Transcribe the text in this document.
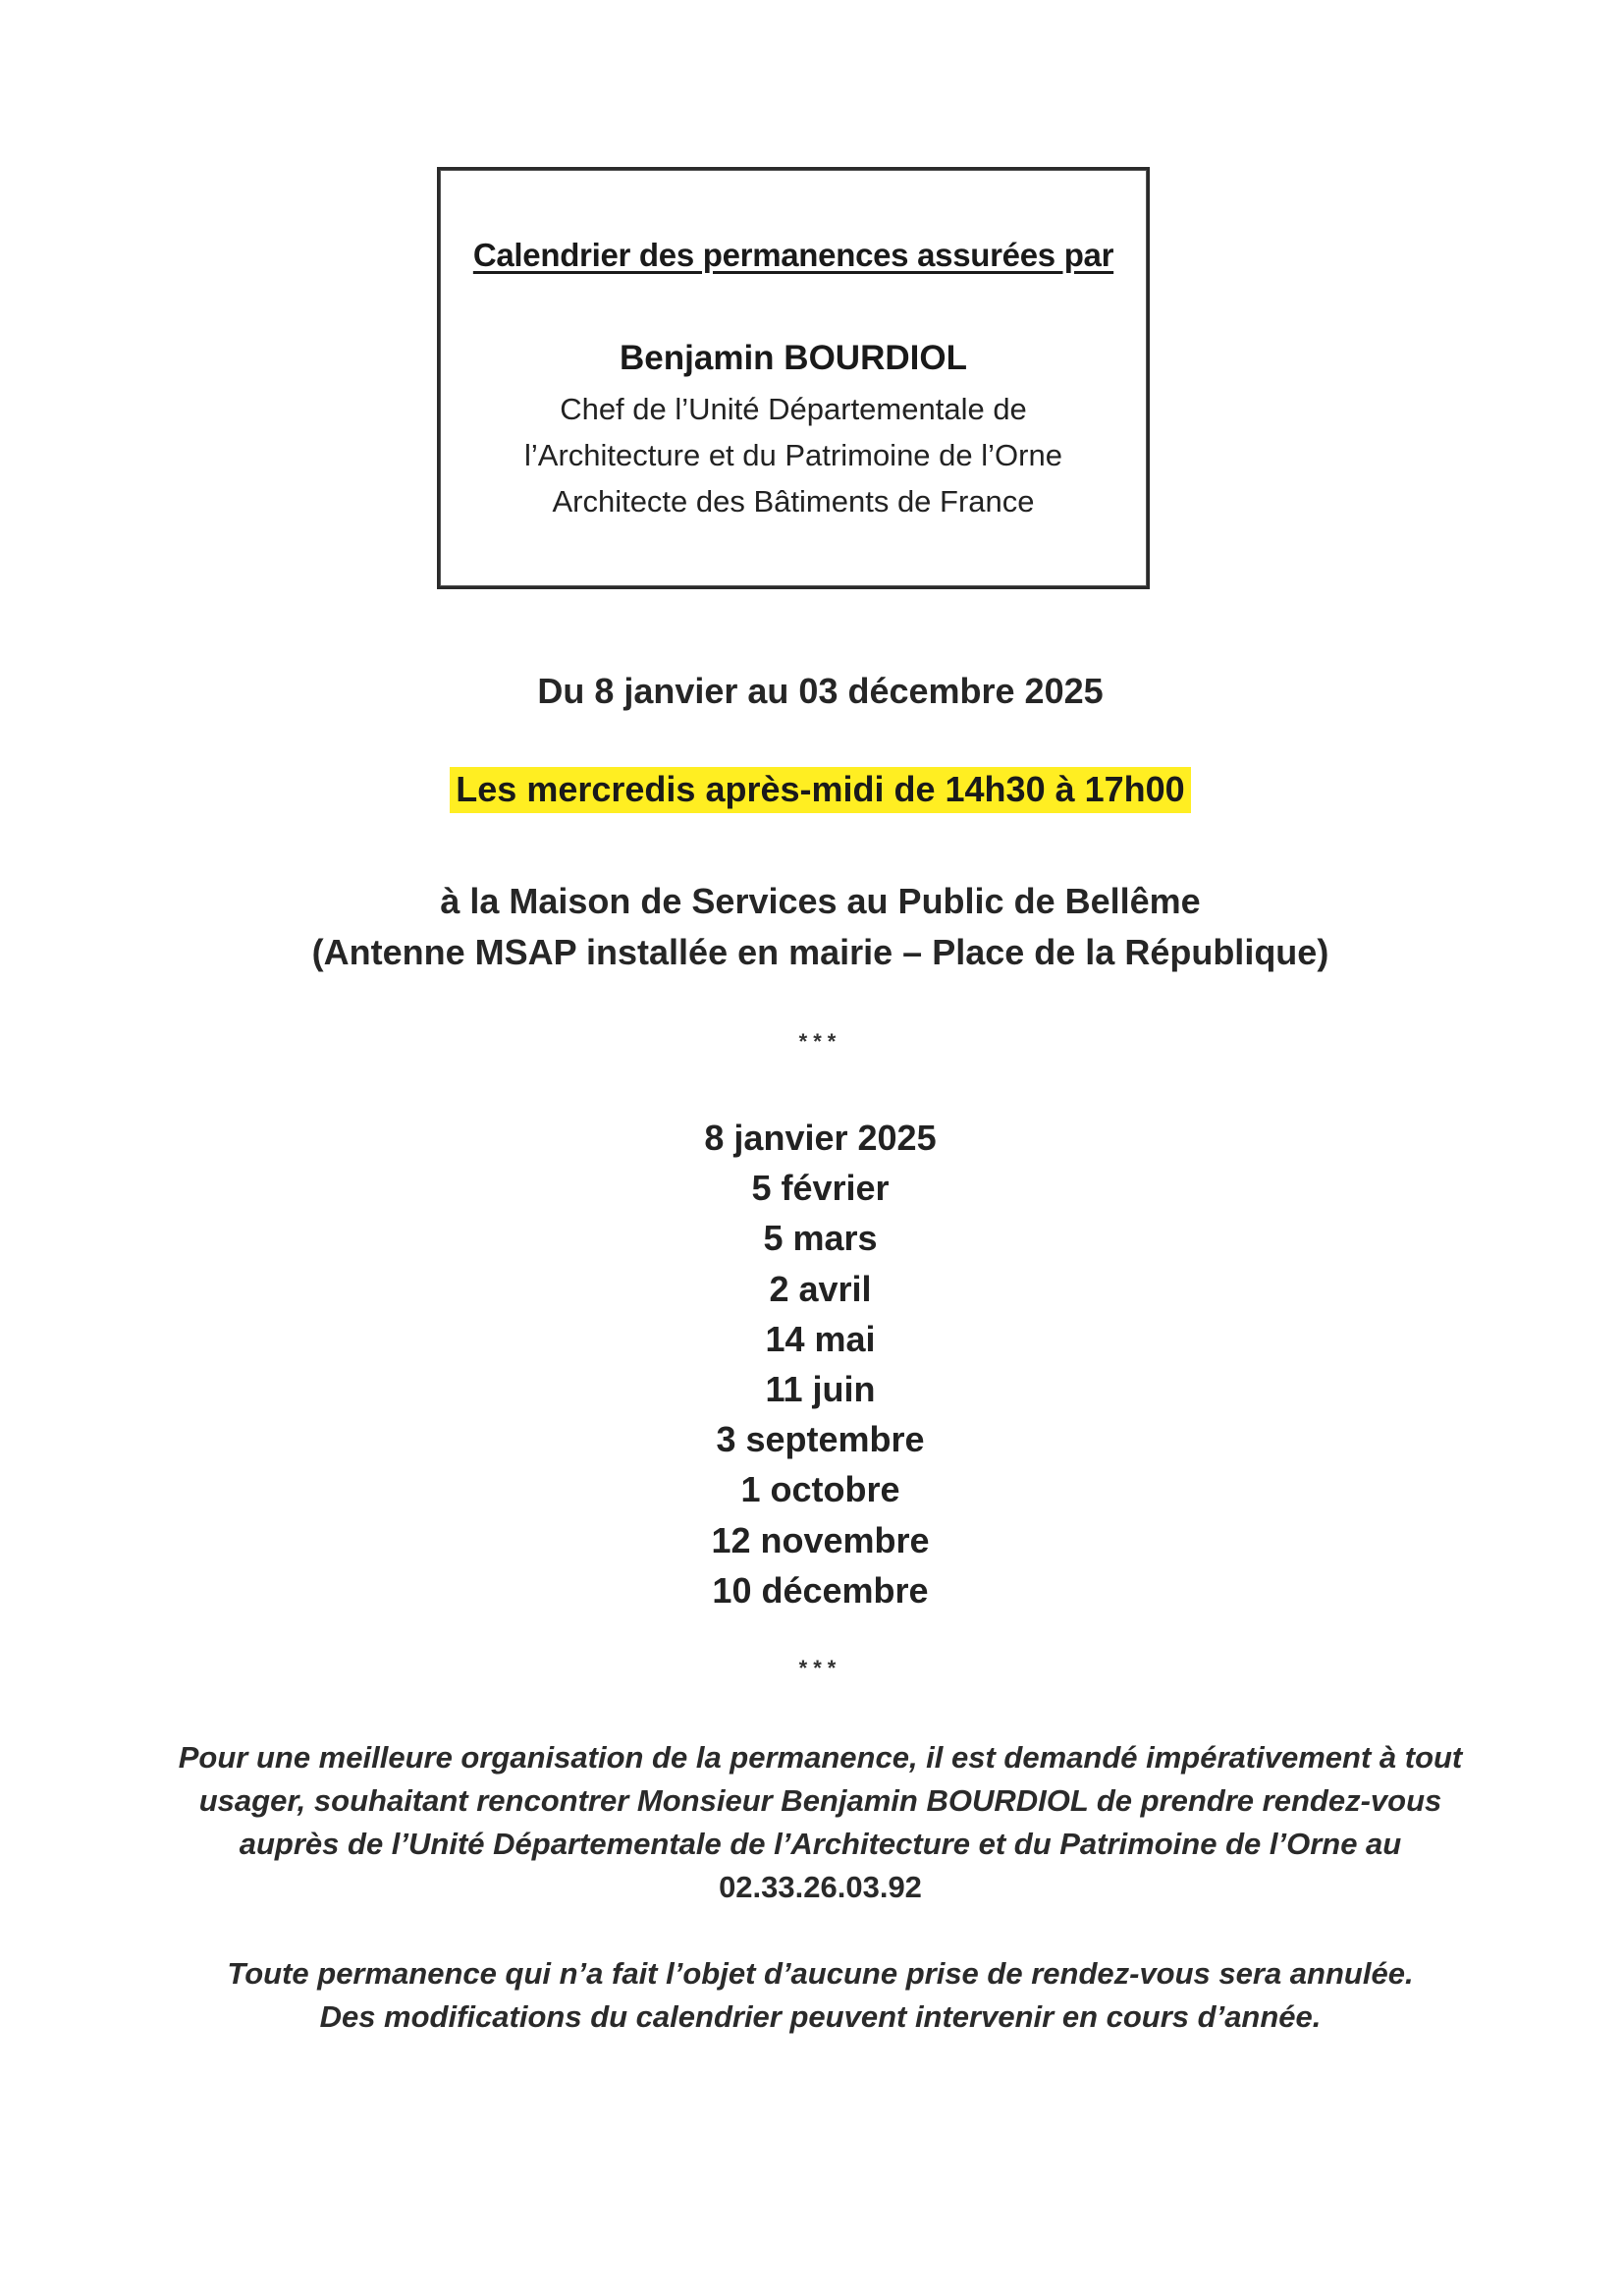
Calendrier des permanences assurées par
Benjamin BOURDIOL
Chef de l’Unité Départementale de
l’Architecture et du Patrimoine de l’Orne
Architecte des Bâtiments de France
Du 8 janvier au 03 décembre 2025
Les mercredis après-midi de 14h30 à 17h00
à la Maison de Services au Public de Bellême
(Antenne MSAP installée en mairie – Place de la République)
***
8 janvier 2025
5 février
5 mars
2 avril
14 mai
11 juin
3 septembre
1 octobre
12 novembre
10 décembre
***
Pour une meilleure organisation de la permanence, il est demandé impérativement à tout
usager, souhaitant rencontrer Monsieur Benjamin BOURDIOL de prendre rendez-vous
auprès de l’Unité Départementale de l’Architecture et du Patrimoine de l’Orne au
02.33.26.03.92
Toute permanence qui n’a fait l’objet d’aucune prise de rendez-vous sera annulée.
Des modifications du calendrier peuvent intervenir en cours d’année.
